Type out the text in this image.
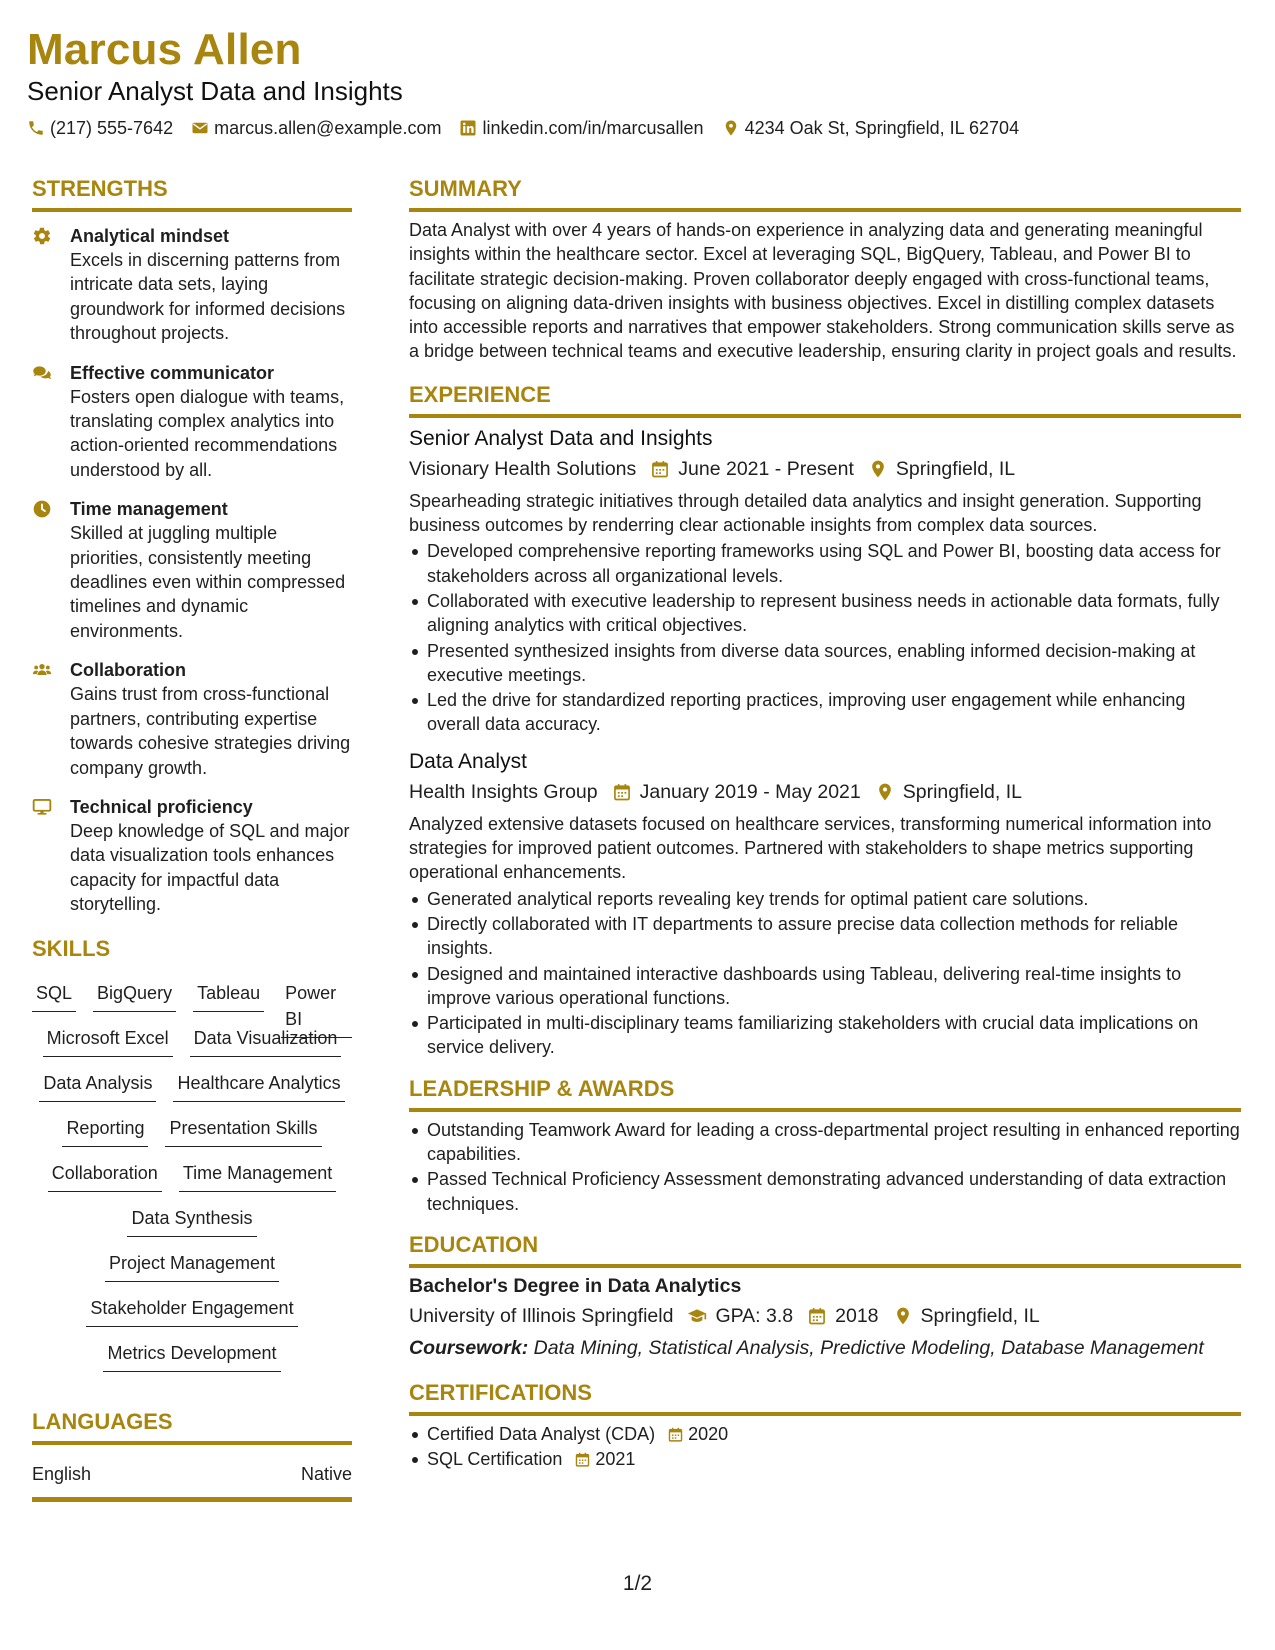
Marcus Allen
Senior Analyst Data and Insights
(217) 555-7642 marcus.allen@example.com linkedin.com/in/marcusallen 4234 Oak St, Springfield, IL 62704
STRENGTHS
Analytical mindset
Excels in discerning patterns from intricate data sets, laying groundwork for informed decisions throughout projects.
Effective communicator
Fosters open dialogue with teams, translating complex analytics into action-oriented recommendations understood by all.
Time management
Skilled at juggling multiple priorities, consistently meeting deadlines even within compressed timelines and dynamic environments.
Collaboration
Gains trust from cross-functional partners, contributing expertise towards cohesive strategies driving company growth.
Technical proficiency
Deep knowledge of SQL and major data visualization tools enhances capacity for impactful data storytelling.
SKILLS
SQL BigQuery Tableau Power BI
Microsoft Excel Data Visualization
Data Analysis Healthcare Analytics
Reporting Presentation Skills
Collaboration Time Management
Data Synthesis
Project Management
Stakeholder Engagement
Metrics Development
LANGUAGES
English	Native
SUMMARY
Data Analyst with over 4 years of hands-on experience in analyzing data and generating meaningful insights within the healthcare sector. Excel at leveraging SQL, BigQuery, Tableau, and Power BI to facilitate strategic decision-making. Proven collaborator deeply engaged with cross-functional teams, focusing on aligning data-driven insights with business objectives. Excel in distilling complex datasets into accessible reports and narratives that empower stakeholders. Strong communication skills serve as a bridge between technical teams and executive leadership, ensuring clarity in project goals and results.
EXPERIENCE
Senior Analyst Data and Insights
Visionary Health Solutions June 2021 - Present Springfield, IL
Spearheading strategic initiatives through detailed data analytics and insight generation. Supporting business outcomes by renderring clear actionable insights from complex data sources.
Developed comprehensive reporting frameworks using SQL and Power BI, boosting data access for stakeholders across all organizational levels.
Collaborated with executive leadership to represent business needs in actionable data formats, fully aligning analytics with critical objectives.
Presented synthesized insights from diverse data sources, enabling informed decision-making at executive meetings.
Led the drive for standardized reporting practices, improving user engagement while enhancing overall data accuracy.
Data Analyst
Health Insights Group January 2019 - May 2021 Springfield, IL
Analyzed extensive datasets focused on healthcare services, transforming numerical information into strategies for improved patient outcomes. Partnered with stakeholders to shape metrics supporting operational enhancements.
Generated analytical reports revealing key trends for optimal patient care solutions.
Directly collaborated with IT departments to assure precise data collection methods for reliable insights.
Designed and maintained interactive dashboards using Tableau, delivering real-time insights to improve various operational functions.
Participated in multi-disciplinary teams familiarizing stakeholders with crucial data implications on service delivery.
LEADERSHIP & AWARDS
Outstanding Teamwork Award for leading a cross-departmental project resulting in enhanced reporting capabilities.
Passed Technical Proficiency Assessment demonstrating advanced understanding of data extraction techniques.
EDUCATION
Bachelor's Degree in Data Analytics
University of Illinois Springfield GPA: 3.8 2018 Springfield, IL
Coursework: Data Mining, Statistical Analysis, Predictive Modeling, Database Management
CERTIFICATIONS
Certified Data Analyst (CDA) 2020
SQL Certification 2021
1/2
